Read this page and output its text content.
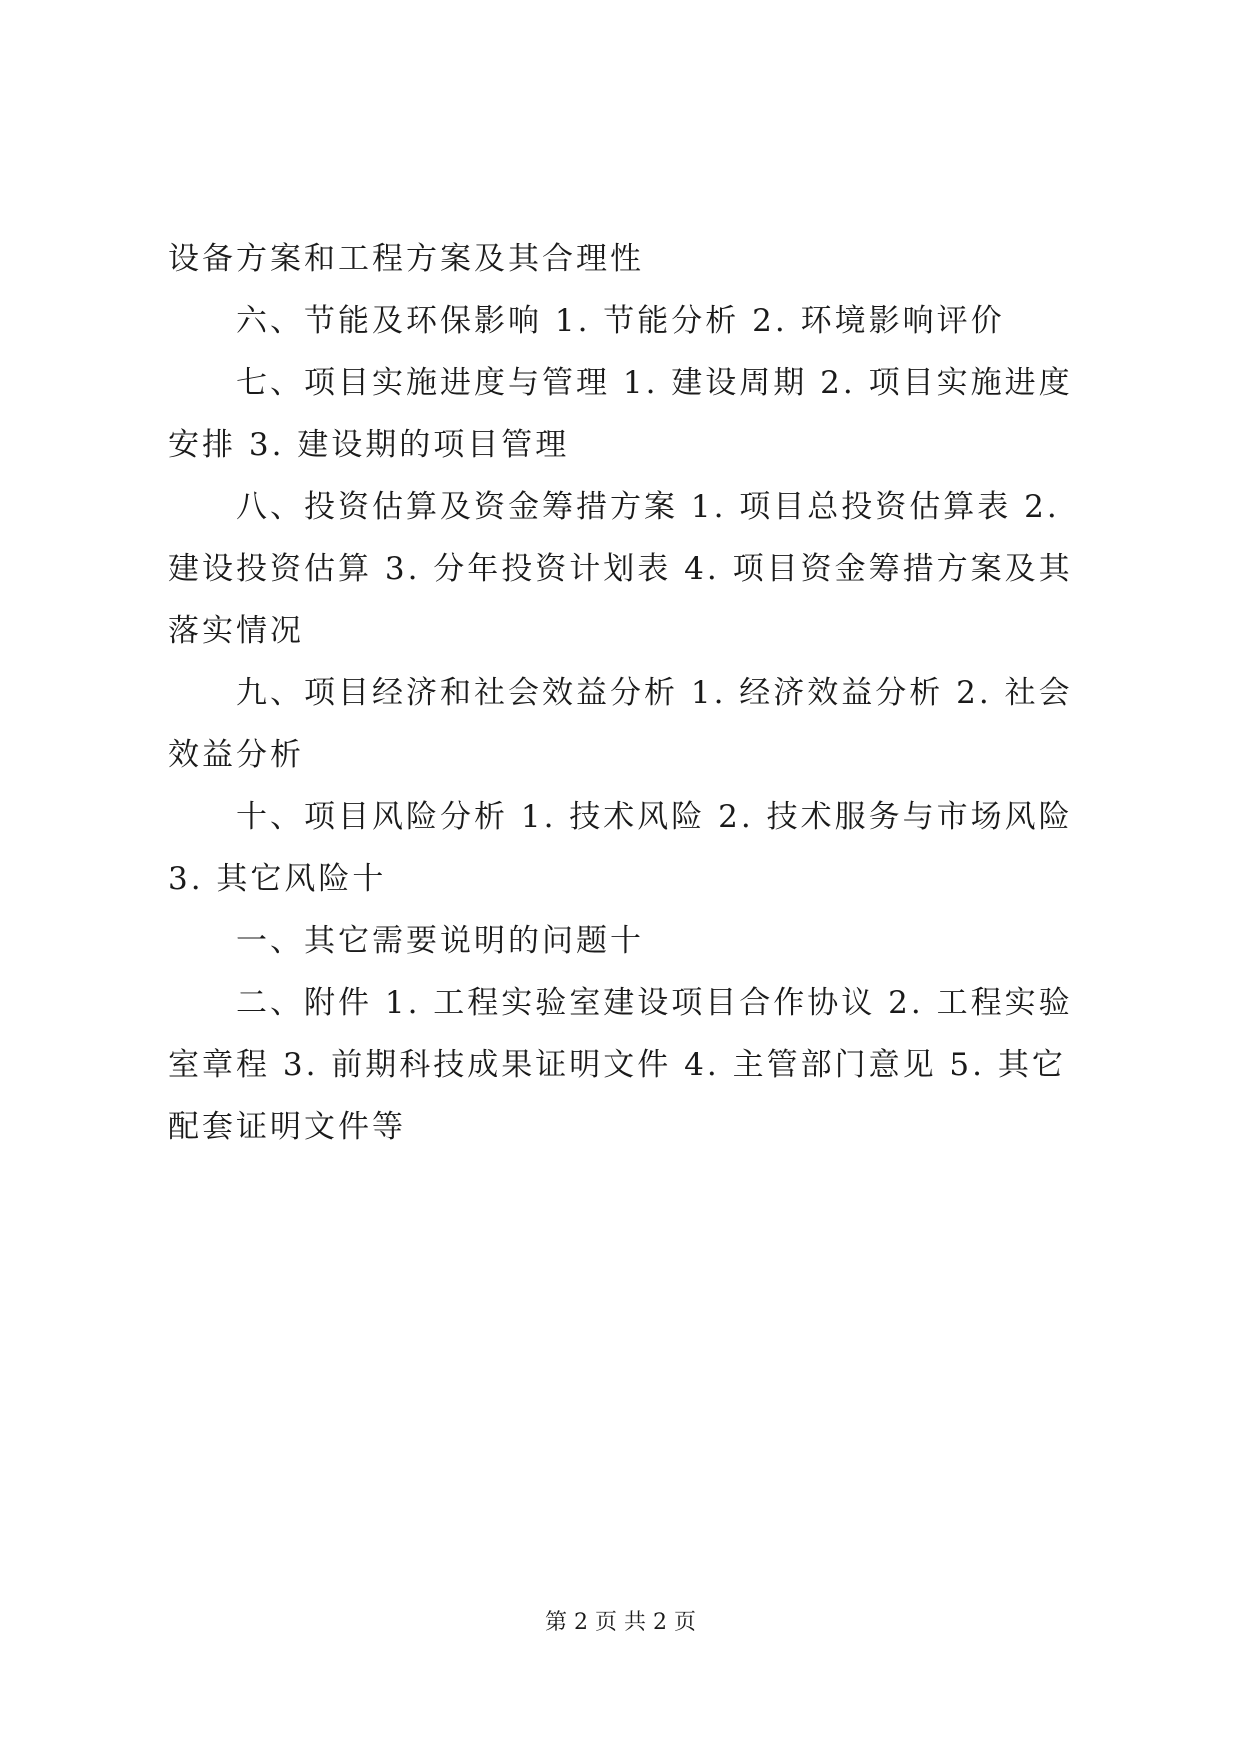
设备方案和工程方案及其合理性

六、节能及环保影响 1. 节能分析 2. 环境影响评价

七、项目实施进度与管理 1. 建设周期 2. 项目实施进度安排 3. 建设期的项目管理

八、投资估算及资金筹措方案 1. 项目总投资估算表 2. 建设投资估算 3. 分年投资计划表 4. 项目资金筹措方案及其落实情况

九、项目经济和社会效益分析 1. 经济效益分析 2. 社会效益分析

十、项目风险分析 1. 技术风险 2. 技术服务与市场风险 3. 其它风险十

一、其它需要说明的问题十

二、附件 1. 工程实验室建设项目合作协议 2. 工程实验室章程 3. 前期科技成果证明文件 4. 主管部门意见 5. 其它配套证明文件等

第 2 页 共 2 页
